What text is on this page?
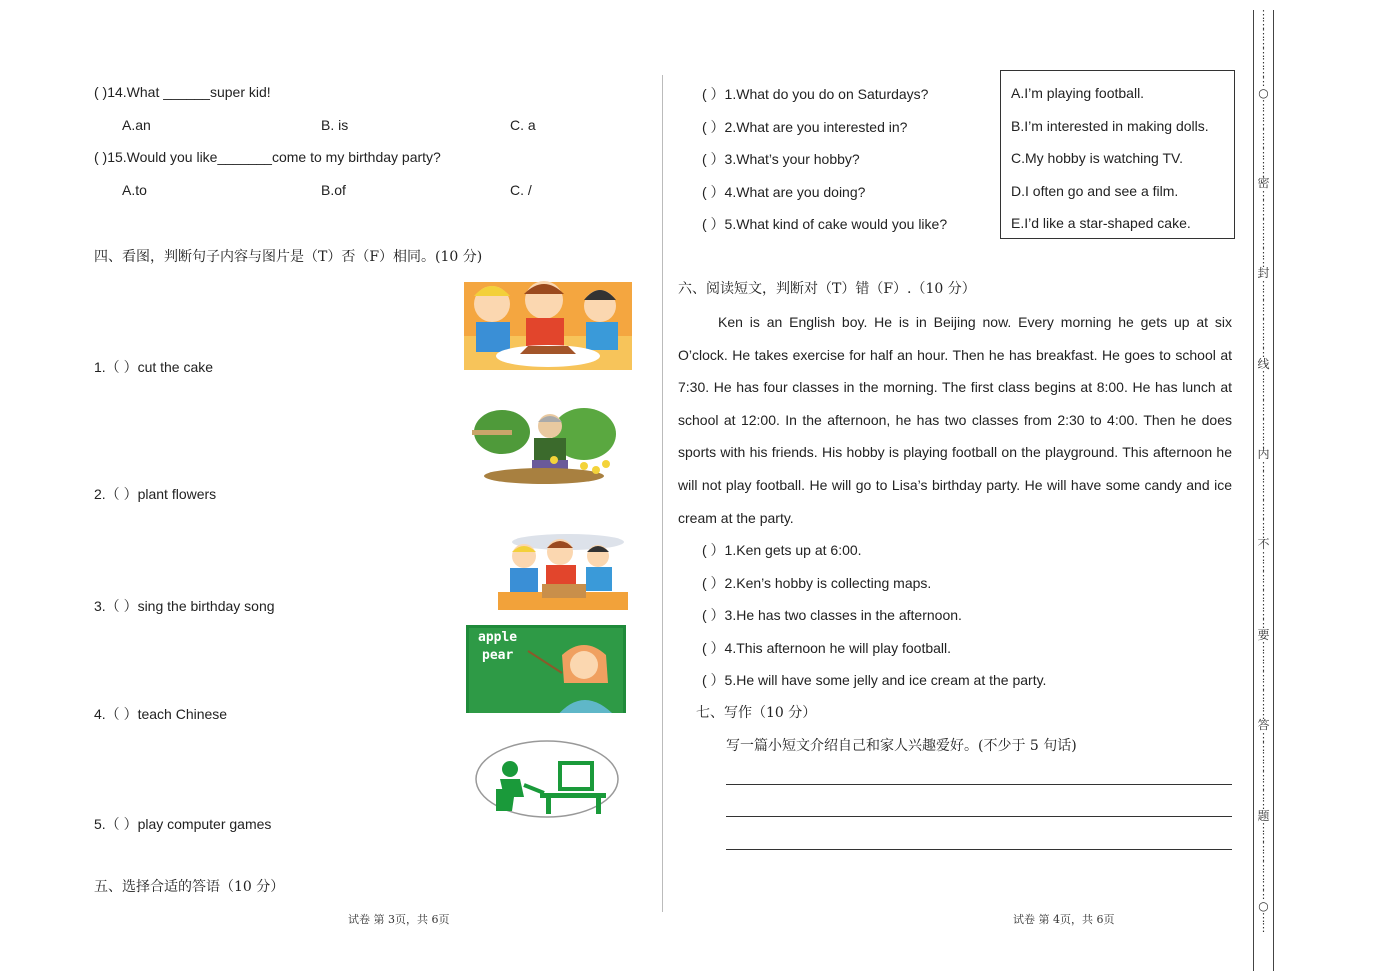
( )14.What ______super kid!
A.an	B. is	C. a
( )15.Would you like_______come to my birthday party?
A.to	B.of	C. /
四、看图，判断句子内容与图片是（T）否（F）相同。(10 分)
1.（ ）cut the cake
2.（ ）plant flowers
3.（ ）sing the birthday song
4.（ ）teach Chinese
5.（ ）play computer games
apple
pear
五、选择合适的答语（10 分）
试卷 第 3页，共 6页
( ）1.What do you do on Saturdays?
( ）2.What are you interested in?
( ）3.What’s your hobby?
( ）4.What are you doing?
( ）5.What kind of cake would you like?
A.I’m playing football.
B.I’m interested in making dolls.
C.My hobby is watching TV.
D.I often go and see a film.
E.I’d like a star-shaped cake.
六、阅读短文，判断对（T）错（F）.（10 分）
Ken is an English boy. He is in Beijing now. Every morning he gets up at six O’clock. He takes exercise for half an hour. Then he has breakfast. He goes to school at 7:30. He has four classes in the morning. The first class begins at 8:00. He has lunch at school at 12:00. In the afternoon, he has two classes from 2:30 to 4:00. Then he does sports with his friends. His hobby is playing football on the playground. This afternoon he will not play football. He will go to Lisa’s birthday party. He will have some candy and ice cream at the party.
( ）1.Ken gets up at 6:00.
( ）2.Ken’s hobby is collecting maps.
( ）3.He has two classes in the afternoon.
( ）4.This afternoon he will play football.
( ）5.He will have some jelly and ice cream at the party.
七、写作（10 分）
写一篇小短文介绍自己和家人兴趣爱好。(不少于 5 句话)
试卷 第 4页，共 6页
⋮
⋮
⋮
⋮
⋮
⋮
⋮
⋮
○
⋮
⋮
⋮
⋮
⋮
⋮
⋮
⋮
密
⋮
⋮
⋮
⋮
⋮
⋮
⋮
⋮
封
⋮
⋮
⋮
⋮
⋮
⋮
⋮
⋮
线
⋮
⋮
⋮
⋮
⋮
⋮
⋮
⋮
内
⋮
⋮
⋮
⋮
⋮
⋮
⋮
⋮
不
⋮
⋮
⋮
⋮
⋮
⋮
⋮
⋮
要
⋮
⋮
⋮
⋮
⋮
⋮
⋮
⋮
答
⋮
⋮
⋮
⋮
⋮
⋮
⋮
⋮
题
⋮
⋮
⋮
⋮
⋮
⋮
⋮
⋮
○
⋮
⋮
